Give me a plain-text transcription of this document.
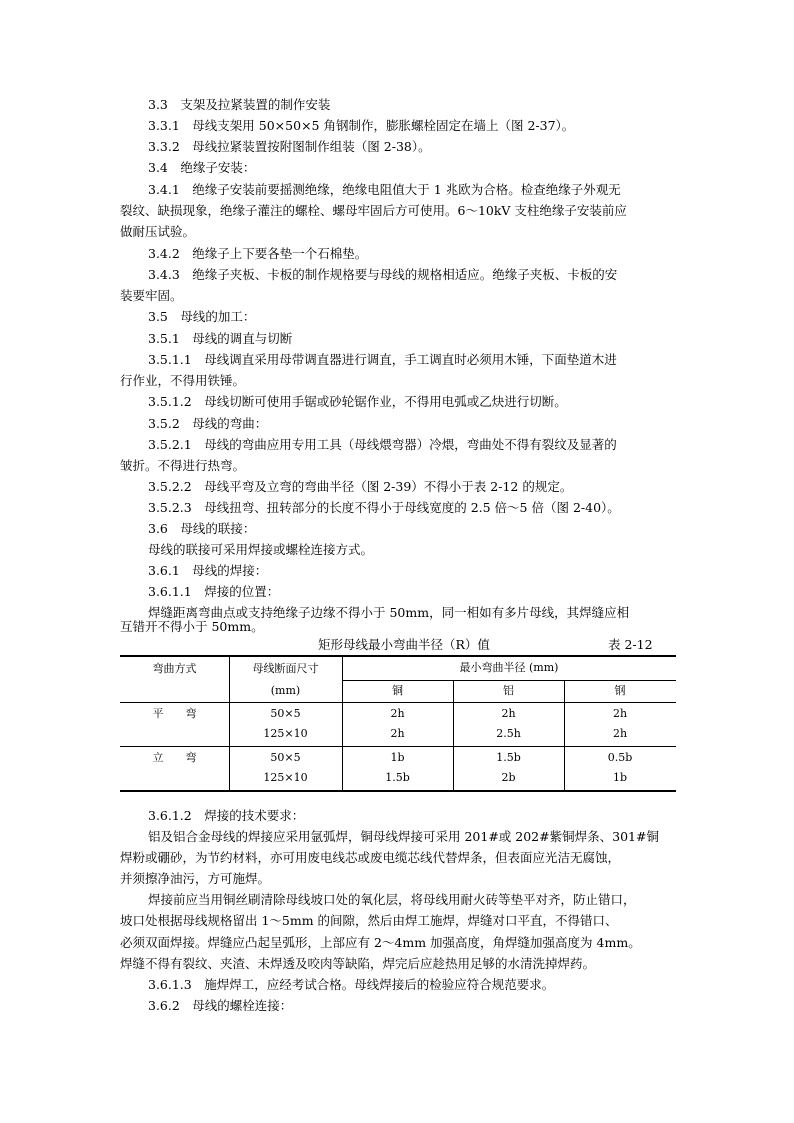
3.3　支架及拉紧装置的制作安装
3.3.1　母线支架用 50×50×5 角钢制作，膨胀螺栓固定在墙上（图 2-37）。
3.3.2　母线拉紧装置按附图制作组装（图 2-38）。
3.4　绝缘子安装：
3.4.1　绝缘子安装前要摇测绝缘，绝缘电阻值大于 1 兆欧为合格。检查绝缘子外观无
裂纹、缺损现象，绝缘子灌注的螺栓、螺母牢固后方可使用。6～10kV 支柱绝缘子安装前应
做耐压试验。
3.4.2　绝缘子上下要各垫一个石棉垫。
3.4.3　绝缘子夹板、卡板的制作规格要与母线的规格相适应。绝缘子夹板、卡板的安
装要牢固。
3.5　母线的加工：
3.5.1　母线的调直与切断
3.5.1.1　母线调直采用母带调直器进行调直，手工调直时必须用木锤，下面垫道木进
行作业，不得用铁锤。
3.5.1.2　母线切断可使用手锯或砂轮锯作业，不得用电弧或乙炔进行切断。
3.5.2　母线的弯曲：
3.5.2.1　母线的弯曲应用专用工具（母线煨弯器）冷煨，弯曲处不得有裂纹及显著的
皱折。不得进行热弯。
3.5.2.2　母线平弯及立弯的弯曲半径（图 2-39）不得小于表 2-12 的规定。
3.5.2.3　母线扭弯、扭转部分的长度不得小于母线宽度的 2.5 倍～5 倍（图 2-40）。
3.6　母线的联接：
母线的联接可采用焊接或螺栓连接方式。
3.6.1　母线的焊接：
3.6.1.1　焊接的位置：
焊缝距离弯曲点或支持绝缘子边缘不得小于 50mm，同一相如有多片母线，其焊缝应相
互错开不得小于 50mm。
矩形母线最小弯曲半径（R）值	表 2-12
弯曲方式	母线断面尺寸
(mm)
最小弯曲半径 (mm)
铜	铝	钢
平　　弯	50×5	2h	2h	2h
125×10	2h	2.5h	2h
立　　弯	50×5	1b	1.5b	0.5b
125×10	1.5b	2b	1b
3.6.1.2　焊接的技术要求：
铝及铝合金母线的焊接应采用氩弧焊，铜母线焊接可采用 201#或 202#紫铜焊条、301#铜
焊粉或硼砂，为节约材料，亦可用废电线芯或废电缆芯线代替焊条，但表面应光洁无腐蚀，
并须擦净油污，方可施焊。
焊接前应当用铜丝刷清除母线坡口处的氧化层，将母线用耐火砖等垫平对齐，防止错口，
坡口处根据母线规格留出 1～5mm 的间隙，然后由焊工施焊，焊缝对口平直，不得错口、
必须双面焊接。焊缝应凸起呈弧形，上部应有 2～4mm 加强高度，角焊缝加强高度为 4mm。
焊缝不得有裂纹、夹渣、未焊透及咬肉等缺陷，焊完后应趁热用足够的水清洗掉焊药。
3.6.1.3　施焊焊工，应经考试合格。母线焊接后的检验应符合规范要求。
3.6.2　母线的螺栓连接：
